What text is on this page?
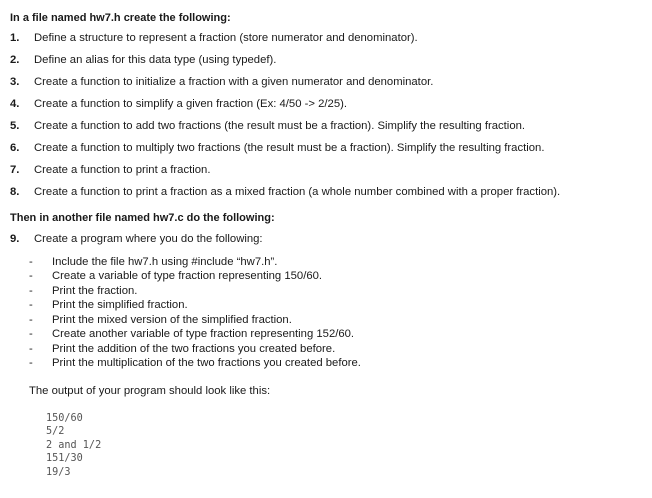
In a file named hw7.h create the following:
1. Define a structure to represent a fraction (store numerator and denominator).
2. Define an alias for this data type (using typedef).
3. Create a function to initialize a fraction with a given numerator and denominator.
4. Create a function to simplify a given fraction (Ex: 4/50 -> 2/25).
5. Create a function to add two fractions (the result must be a fraction). Simplify the resulting fraction.
6. Create a function to multiply two fractions (the result must be a fraction). Simplify the resulting fraction.
7. Create a function to print a fraction.
8. Create a function to print a fraction as a mixed fraction (a whole number combined with a proper fraction).
Then in another file named hw7.c do the following:
9. Create a program where you do the following:
- Include the file hw7.h using #include “hw7.h”.
- Create a variable of type fraction representing 150/60.
- Print the fraction.
- Print the simplified fraction.
- Print the mixed version of the simplified fraction.
- Create another variable of type fraction representing 152/60.
- Print the addition of the two fractions you created before.
- Print the multiplication of the two fractions you created before.
The output of your program should look like this:
150/60
5/2
2 and 1/2
151/30
19/3
